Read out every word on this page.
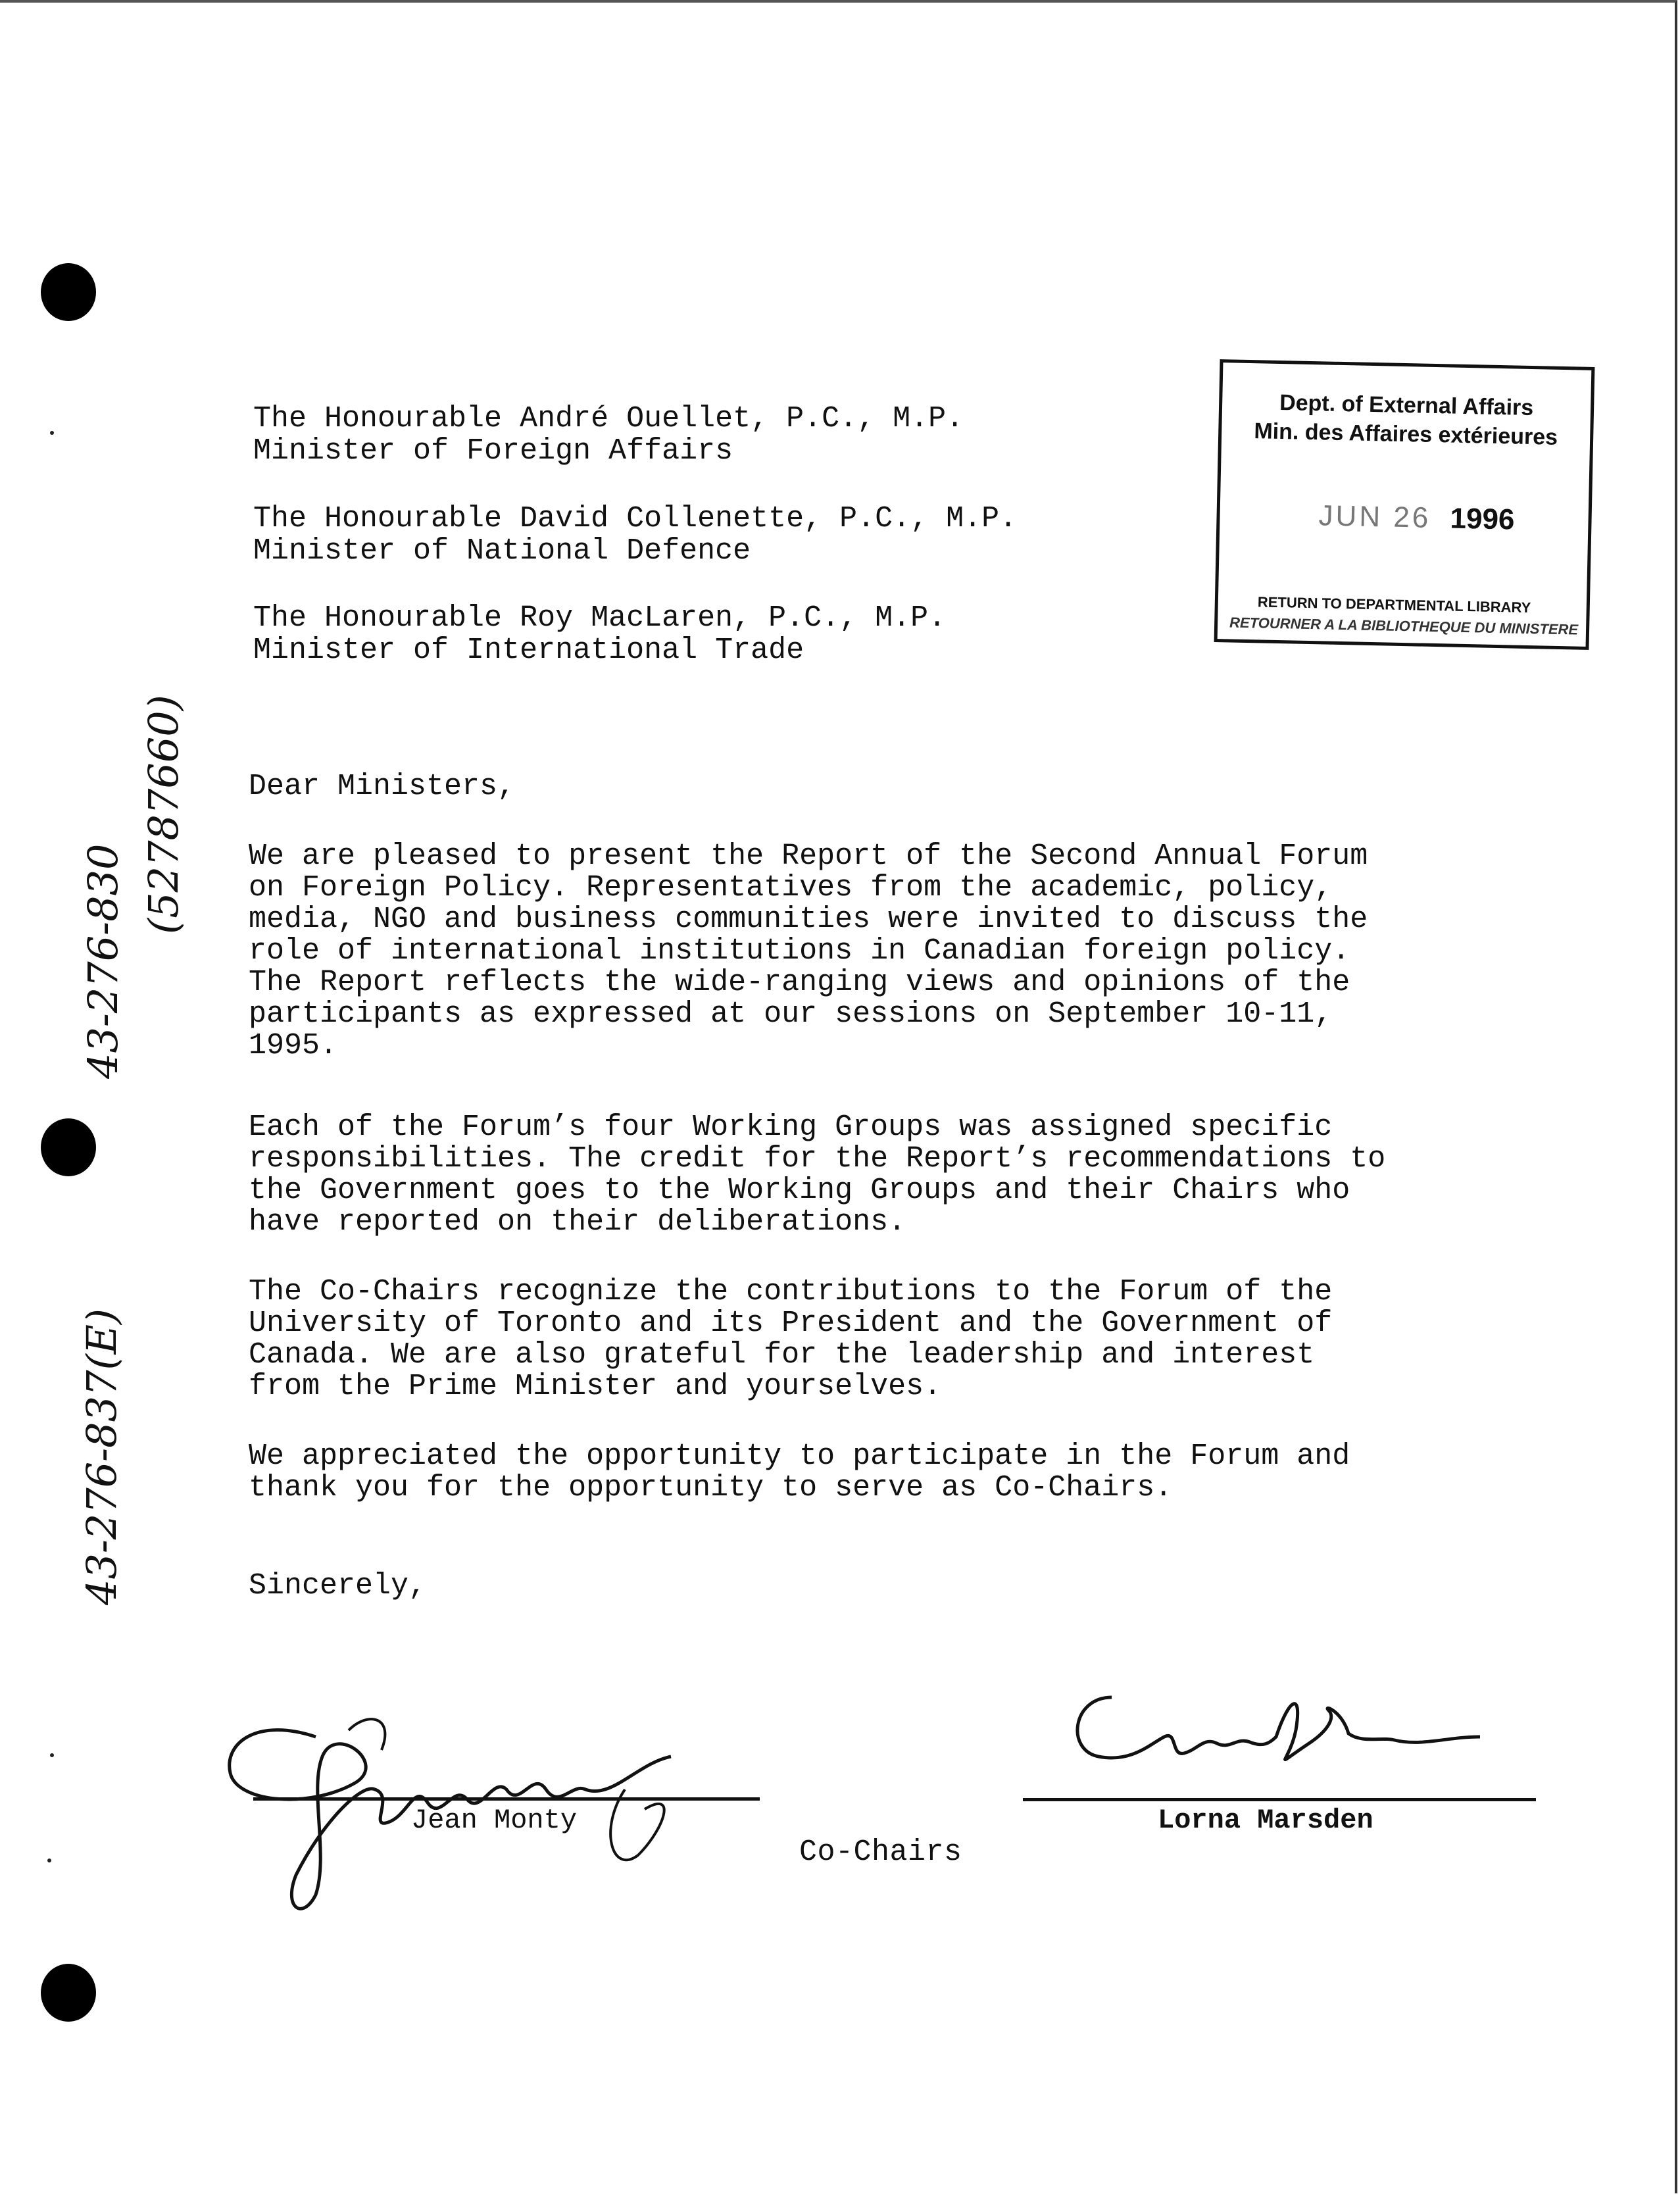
The Honourable André Ouellet, P.C., M.P.
Minister of Foreign Affairs
The Honourable David Collenette, P.C., M.P.
Minister of National Defence
The Honourable Roy MacLaren, P.C., M.P.
Minister of International Trade
Dept. of External Affairs
Min. des Affaires extérieures
JUN 26 1996
RETURN TO DEPARTMENTAL LIBRARY
RETOURNER A LA BIBLIOTHEQUE DU MINISTERE
43-276-830
(52787660)
43-276-837(E)
Dear Ministers,
We are pleased to present the Report of the Second Annual Forum
on Foreign Policy. Representatives from the academic, policy,
media, NGO and business communities were invited to discuss the
role of international institutions in Canadian foreign policy.
The Report reflects the wide-ranging views and opinions of the
participants as expressed at our sessions on September 10-11,
1995.
Each of the Forum’s four Working Groups was assigned specific
responsibilities. The credit for the Report’s recommendations to
the Government goes to the Working Groups and their Chairs who
have reported on their deliberations.
The Co-Chairs recognize the contributions to the Forum of the
University of Toronto and its President and the Government of
Canada. We are also grateful for the leadership and interest
from the Prime Minister and yourselves.
We appreciated the opportunity to participate in the Forum and
thank you for the opportunity to serve as Co-Chairs.
Sincerely,
Jean Monty
Co-Chairs
Lorna Marsden
